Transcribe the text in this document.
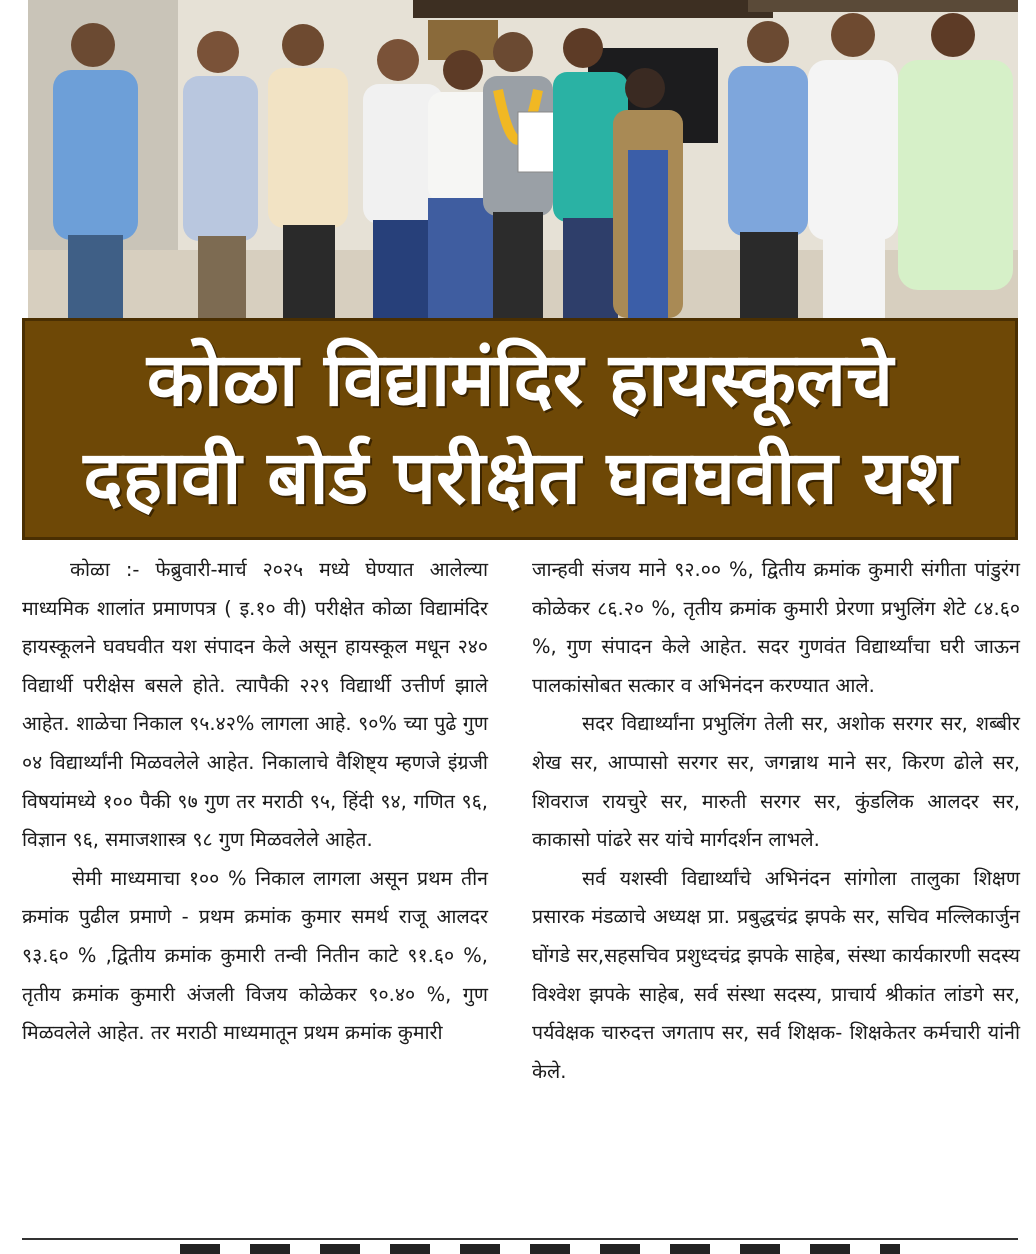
कोळा विद्यामंदिर हायस्कूलचे
दहावी बोर्ड परीक्षेत घवघवीत यश

कोळा :- फेब्रुवारी-मार्च २०२५ मध्ये घेण्यात आलेल्या माध्यमिक शालांत प्रमाणपत्र ( इ.१० वी) परीक्षेत कोळा विद्यामंदिर हायस्कूलने घवघवीत यश संपादन केले असून हायस्कूल मधून २४० विद्यार्थी परीक्षेस बसले होते. त्यापैकी २२९ विद्यार्थी उत्तीर्ण झाले आहेत. शाळेचा निकाल ९५.४२% लागला आहे. ९०% च्या पुढे गुण ०४ विद्यार्थ्यांनी मिळवलेले आहेत. निकालाचे वैशिष्ट्य म्हणजे इंग्रजी विषयांमध्ये १०० पैकी ९७ गुण तर मराठी ९५, हिंदी ९४, गणित ९६, विज्ञान ९६, समाजशास्त्र ९८ गुण मिळवलेले आहेत.

सेमी माध्यमाचा १०० % निकाल लागला असून प्रथम तीन क्रमांक पुढील प्रमाणे - प्रथम क्रमांक कुमार समर्थ राजू आलदर ९३.६० % ,द्वितीय क्रमांक कुमारी तन्वी नितीन काटे ९१.६० %, तृतीय क्रमांक कुमारी अंजली विजय कोळेकर ९०.४० %, गुण मिळवलेले आहेत. तर मराठी माध्यमातून प्रथम क्रमांक कुमारी

जान्हवी संजय माने ९२.०० %, द्वितीय क्रमांक कुमारी संगीता पांडुरंग कोळेकर ८६.२० %, तृतीय क्रमांक कुमारी प्रेरणा प्रभुलिंग शेटे ८४.६० %, गुण संपादन केले आहेत. सदर गुणवंत विद्यार्थ्यांचा घरी जाऊन पालकांसोबत सत्कार व अभिनंदन करण्यात आले.

सदर विद्यार्थ्यांना प्रभुलिंग तेली सर, अशोक सरगर सर, शब्बीर शेख सर, आप्पासो सरगर सर, जगन्नाथ माने सर, किरण ढोले सर, शिवराज रायचुरे सर, मारुती सरगर सर, कुंडलिक आलदर सर, काकासो पांढरे सर यांचे मार्गदर्शन लाभले.

सर्व यशस्वी विद्यार्थ्यांचे अभिनंदन सांगोला तालुका शिक्षण प्रसारक मंडळाचे अध्यक्ष प्रा. प्रबुद्धचंद्र झपके सर, सचिव मल्लिकार्जुन घोंगडे सर,सहसचिव प्रशुध्दचंद्र झपके साहेब, संस्था कार्यकारणी सदस्य विश्वेश झपके साहेब, सर्व संस्था सदस्य, प्राचार्य श्रीकांत लांडगे सर, पर्यवेक्षक चारुदत्त जगताप सर, सर्व शिक्षक- शिक्षकेतर कर्मचारी यांनी केले.
